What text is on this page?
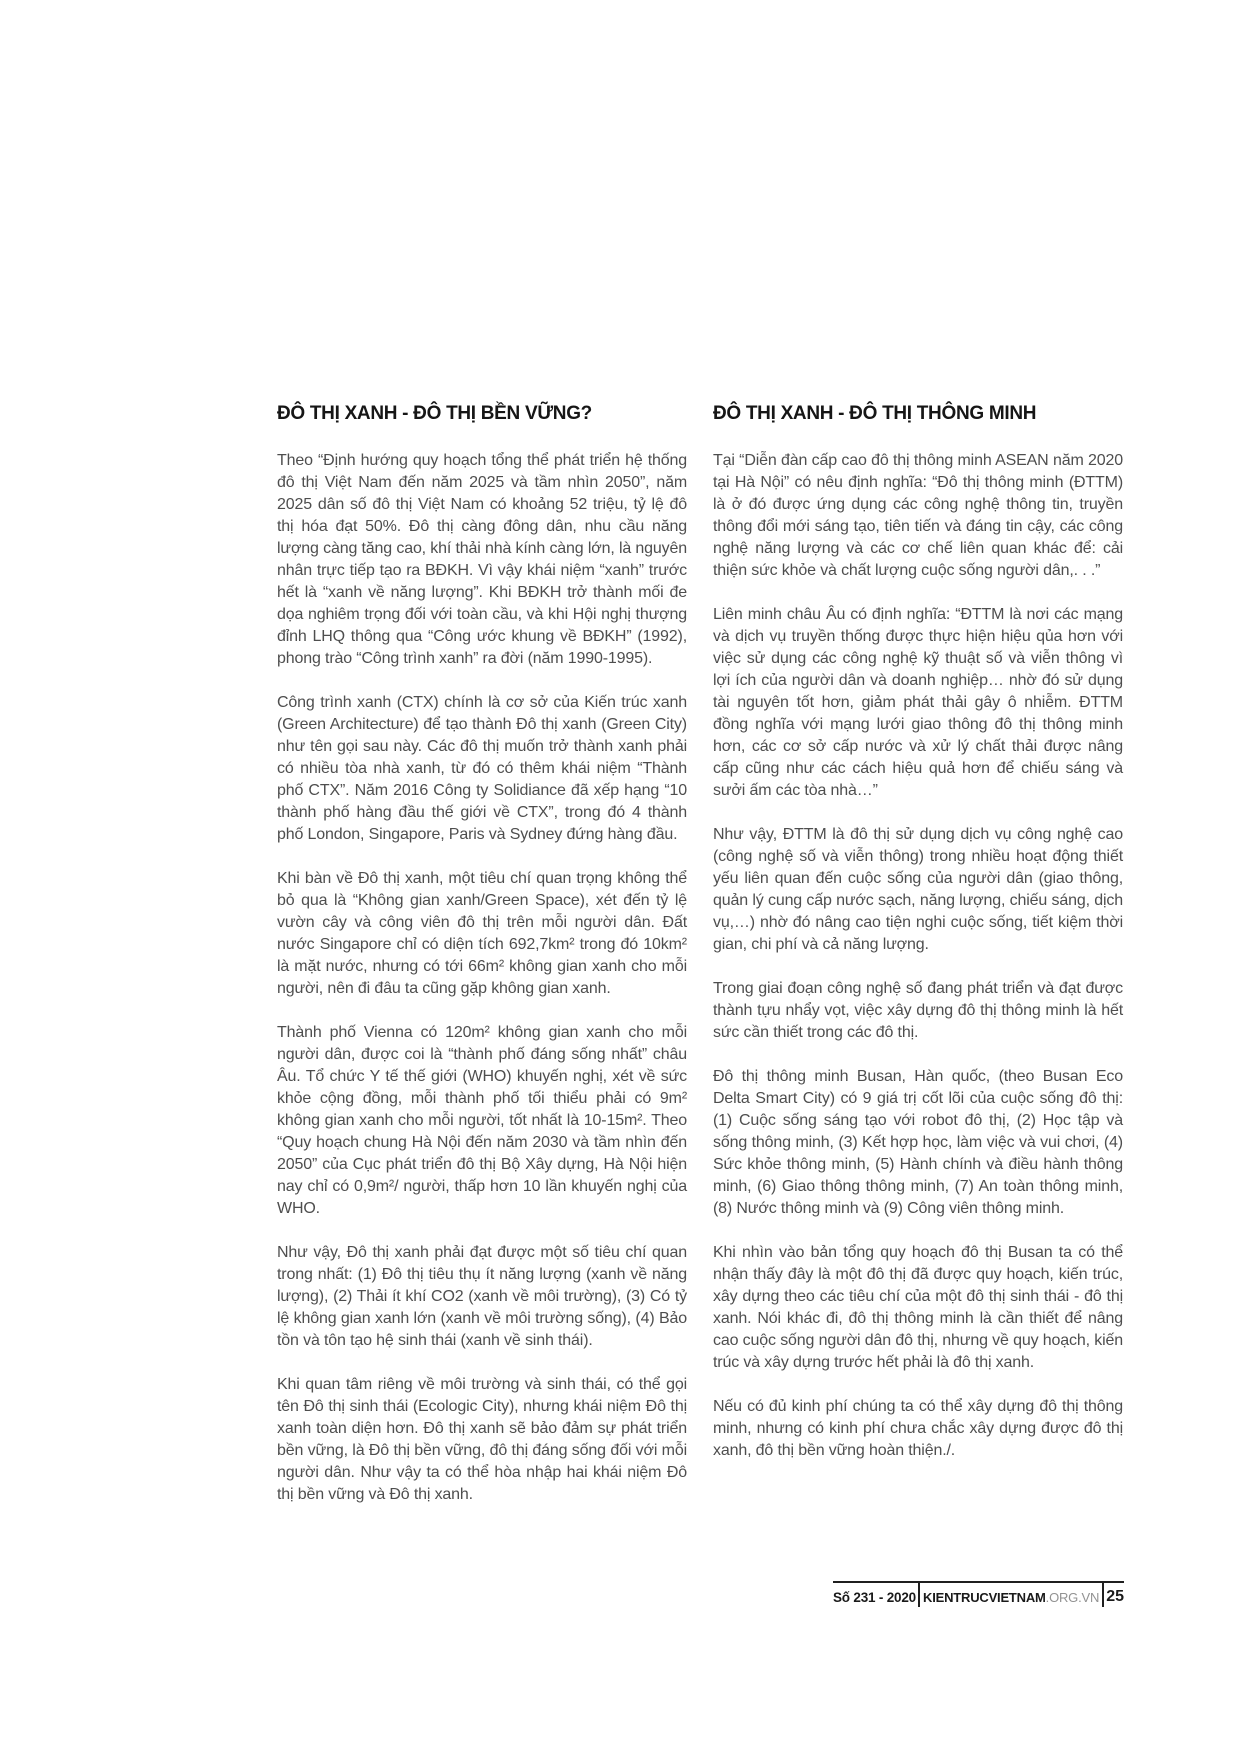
ĐÔ THỊ XANH - ĐÔ THỊ BỀN VỮNG?

Theo “Định hướng quy hoạch tổng thể phát triển hệ thống đô thị Việt Nam đến năm 2025 và tầm nhìn 2050”, năm 2025 dân số đô thị Việt Nam có khoảng 52 triệu, tỷ lệ đô thị hóa đạt 50%. Đô thị càng đông dân, nhu cầu năng lượng càng tăng cao, khí thải nhà kính càng lớn, là nguyên nhân trực tiếp tạo ra BĐKH. Vì vậy khái niệm “xanh” trước hết là “xanh về năng lượng”. Khi BĐKH trở thành mối đe dọa nghiêm trọng đối với toàn cầu, và khi Hội nghị thượng đỉnh LHQ thông qua “Công ước khung về BĐKH” (1992), phong trào “Công trình xanh” ra đời (năm 1990-1995).

Công trình xanh (CTX) chính là cơ sở của Kiến trúc xanh (Green Architecture) để tạo thành Đô thị xanh (Green City) như tên gọi sau này. Các đô thị muốn trở thành xanh phải có nhiều tòa nhà xanh, từ đó có thêm khái niệm “Thành phố CTX”. Năm 2016 Công ty Solidiance đã xếp hạng “10 thành phố hàng đầu thế giới về CTX”, trong đó 4 thành phố London, Singapore, Paris và Sydney đứng hàng đầu.

Khi bàn về Đô thị xanh, một tiêu chí quan trọng không thể bỏ qua là “Không gian xanh/Green Space), xét đến tỷ lệ vườn cây và công viên đô thị trên mỗi người dân. Đất nước Singapore chỉ có diện tích 692,7km² trong đó 10km² là mặt nước, nhưng có tới 66m² không gian xanh cho mỗi người, nên đi đâu ta cũng gặp không gian xanh.

Thành phố Vienna có 120m² không gian xanh cho mỗi người dân, được coi là “thành phố đáng sống nhất” châu Âu. Tổ chức Y tế thế giới (WHO) khuyến nghị, xét về sức khỏe cộng đồng, mỗi thành phố tối thiểu phải có 9m² không gian xanh cho mỗi người, tốt nhất là 10-15m². Theo “Quy hoạch chung Hà Nội đến năm 2030 và tầm nhìn đến 2050” của Cục phát triển đô thị Bộ Xây dựng, Hà Nội hiện nay chỉ có 0,9m²/ người, thấp hơn 10 lần khuyến nghị của WHO.

Như vậy, Đô thị xanh phải đạt được một số tiêu chí quan trong nhất: (1) Đô thị tiêu thụ ít năng lượng (xanh về năng lượng), (2) Thải ít khí CO2 (xanh về môi trường), (3) Có tỷ lệ không gian xanh lớn (xanh về môi trường sống), (4) Bảo tồn và tôn tạo hệ sinh thái (xanh về sinh thái).

Khi quan tâm riêng về môi trường và sinh thái, có thể gọi tên Đô thị sinh thái (Ecologic City), nhưng khái niệm Đô thị xanh toàn diện hơn. Đô thị xanh sẽ bảo đảm sự phát triển bền vững, là Đô thị bền vững, đô thị đáng sống đối với mỗi người dân. Như vậy ta có thể hòa nhập hai khái niệm Đô thị bền vững và Đô thị xanh.

ĐÔ THỊ XANH - ĐÔ THỊ THÔNG MINH

Tại “Diễn đàn cấp cao đô thị thông minh ASEAN năm 2020 tại Hà Nội” có nêu định nghĩa: “Đô thị thông minh (ĐTTM) là ở đó được ứng dụng các công nghệ thông tin, truyền thông đổi mới sáng tạo, tiên tiến và đáng tin cậy, các công nghệ năng lượng và các cơ chế liên quan khác để: cải thiện sức khỏe và chất lượng cuộc sống người dân,. . .”

Liên minh châu Âu có định nghĩa: “ĐTTM là nơi các mạng và dịch vụ truyền thống được thực hiện hiệu qủa hơn với việc sử dụng các công nghệ kỹ thuật số và viễn thông vì lợi ích của người dân và doanh nghiệp… nhờ đó sử dụng tài nguyên tốt hơn, giảm phát thải gây ô nhiễm. ĐTTM đồng nghĩa với mạng lưới giao thông đô thị thông minh hơn, các cơ sở cấp nước và xử lý chất thải được nâng cấp cũng như các cách hiệu quả hơn để chiếu sáng và sưởi ấm các tòa nhà…”

Như vậy, ĐTTM là đô thị sử dụng dịch vụ công nghệ cao (công nghệ số và viễn thông) trong nhiều hoạt động thiết yếu liên quan đến cuộc sống của người dân (giao thông, quản lý cung cấp nước sạch, năng lượng, chiếu sáng, dịch vụ,…) nhờ đó nâng cao tiện nghi cuộc sống, tiết kiệm thời gian, chi phí và cả năng lượng.

Trong giai đoạn công nghệ số đang phát triển và đạt được thành tựu nhẩy vọt, việc xây dựng đô thị thông minh là hết sức cần thiết trong các đô thị.

Đô thị thông minh Busan, Hàn quốc, (theo Busan Eco Delta Smart City) có 9 giá trị cốt lõi của cuộc sống đô thị: (1) Cuộc sống sáng tạo với robot đô thị, (2) Học tập và sống thông minh, (3) Kết hợp học, làm việc và vui chơi, (4) Sức khỏe thông minh, (5) Hành chính và điều hành thông minh, (6) Giao thông thông minh, (7) An toàn thông minh, (8) Nước thông minh và (9) Công viên thông minh.

Khi nhìn vào bản tổng quy hoạch đô thị Busan ta có thể nhận thấy đây là một đô thị đã được quy hoạch, kiến trúc, xây dựng theo các tiêu chí của một đô thị sinh thái - đô thị xanh. Nói khác đi, đô thị thông minh là cần thiết để nâng cao cuộc sống người dân đô thị, nhưng về quy hoạch, kiến trúc và xây dựng trước hết phải là đô thị xanh.

Nếu có đủ kinh phí chúng ta có thể xây dựng đô thị thông minh, nhưng có kinh phí chưa chắc xây dựng được đô thị xanh, đô thị bền vững hoàn thiện./.

Số 231 - 2020 KIENTRUCVIETNAM.ORG.VN 25
